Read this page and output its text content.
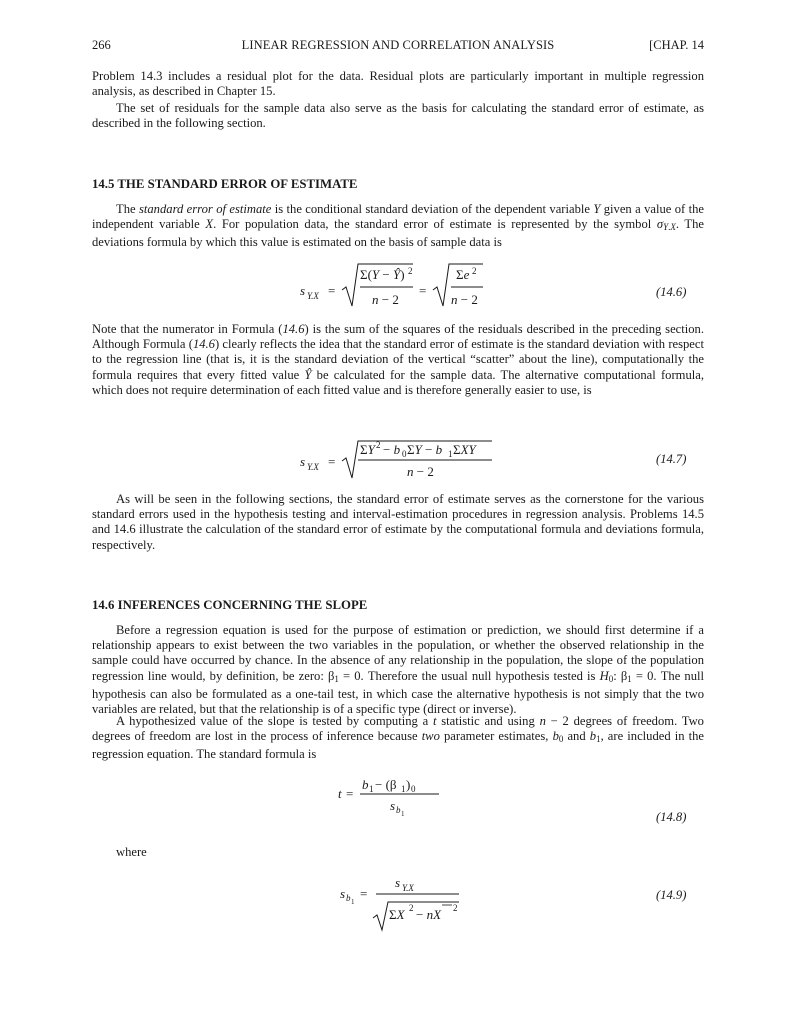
266	LINEAR REGRESSION AND CORRELATION ANALYSIS	[CHAP. 14

Problem 14.3 includes a residual plot for the data. Residual plots are particularly important in multiple regression analysis, as described in Chapter 15.

The set of residuals for the sample data also serve as the basis for calculating the standard error of estimate, as described in the following section.

14.5 THE STANDARD ERROR OF ESTIMATE

The standard error of estimate is the conditional standard deviation of the dependent variable Y given a value of the independent variable X. For population data, the standard error of estimate is represented by the symbol $\sigma_{Y.X}$. The deviations formula by which this value is estimated on the basis of sample data is

s Y.X =
Σ(Y − Ŷ) 2
n − 2
=
Σe 2
n − 2	(14.6)

Note that the numerator in Formula (14.6) is the sum of the squares of the residuals described in the preceding section. Although Formula (14.6) clearly reflects the idea that the standard error of estimate is the standard deviation with respect to the regression line (that is, it is the standard deviation of the vertical “scatter” about the line), computationally the formula requires that every fitted value Ŷ be calculated for the sample data. The alternative computational formula, which does not require determination of each fitted value and is therefore generally easier to use, is

s Y.X =
ΣY 2 − b 0 ΣY − b 1 ΣXY
n − 2
(14.7)

As will be seen in the following sections, the standard error of estimate serves as the cornerstone for the various standard errors used in the hypothesis testing and interval-estimation procedures in regression analysis. Problems 14.5 and 14.6 illustrate the calculation of the standard error of estimate by the computational formula and deviations formula, respectively.

14.6 INFERENCES CONCERNING THE SLOPE

Before a regression equation is used for the purpose of estimation or prediction, we should first determine if a relationship appears to exist between the two variables in the population, or whether the observed relationship in the sample could have occurred by chance. In the absence of any relationship in the population, the slope of the population regression line would, by definition, be zero: $\beta_1 = 0$. Therefore the usual null hypothesis tested is $H_0$: $\beta_1 = 0$. The null hypothesis can also be formulated as a one-tail test, in which case the alternative hypothesis is not simply that the two variables are related, but that the relationship is of a specific type (direct or inverse).

A hypothesized value of the slope is tested by computing a t statistic and using n − 2 degrees of freedom. Two degrees of freedom are lost in the process of inference because two parameter estimates, $b_0$ and $b_1$, are included in the regression equation. The standard formula is

t =
b 1 − (β 1 ) 0
s b 1	(14.8)

where

s b 1
=
s Y.X
ΣX 2 − nX 2
(14.9)
